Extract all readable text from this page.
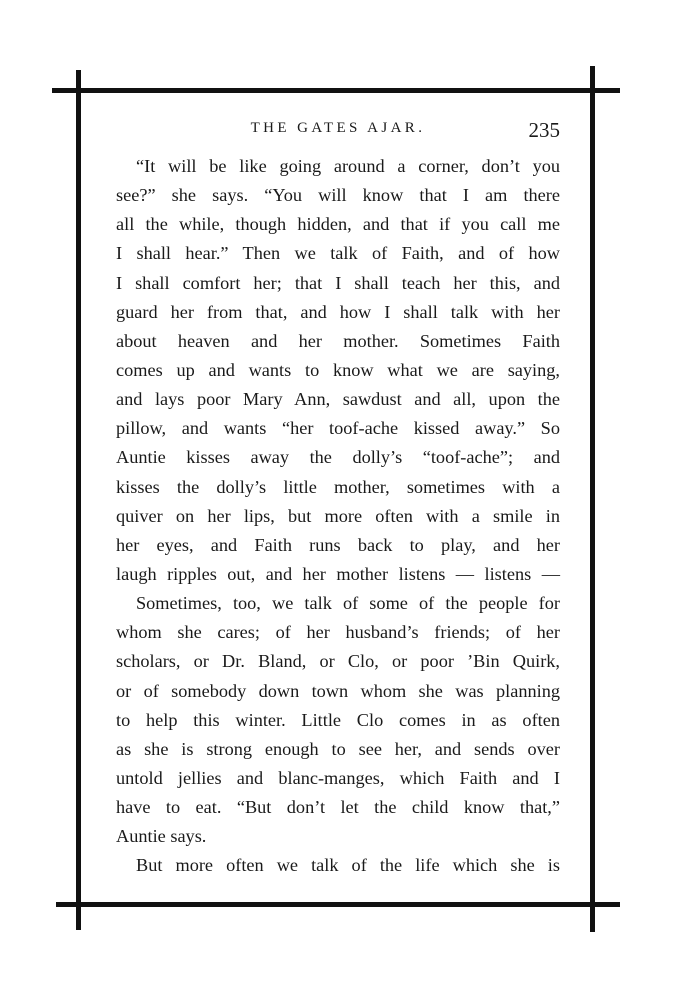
THE GATES AJAR.	235
“It will be like going around a corner, don’t you
see?” she says. “You will know that I am there
all the while, though hidden, and that if you call me
I shall hear.” Then we talk of Faith, and of how
I shall comfort her; that I shall teach her this, and
guard her from that, and how I shall talk with her
about heaven and her mother. Sometimes Faith
comes up and wants to know what we are saying,
and lays poor Mary Ann, sawdust and all, upon the
pillow, and wants “her toof-ache kissed away.” So
Auntie kisses away the dolly’s “toof-ache”; and
kisses the dolly’s little mother, sometimes with a
quiver on her lips, but more often with a smile in
her eyes, and Faith runs back to play, and her
laugh ripples out, and her mother listens — listens —
Sometimes, too, we talk of some of the people for
whom she cares; of her husband’s friends; of her
scholars, or Dr. Bland, or Clo, or poor ’Bin Quirk,
or of somebody down town whom she was planning
to help this winter. Little Clo comes in as often
as she is strong enough to see her, and sends over
untold jellies and blanc-manges, which Faith and I
have to eat. “But don’t let the child know that,”
Auntie says.
But more often we talk of the life which she is
